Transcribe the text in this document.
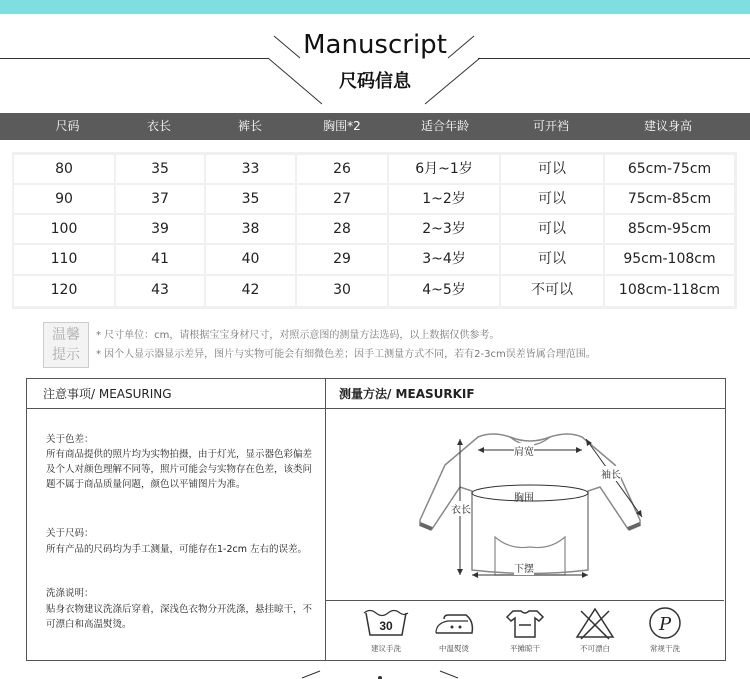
Manuscript
尺码信息
尺码	衣长	裤长	胸围*2	适合年龄	可开裆	建议身高
80	35	33	26	6月~1岁	可以	65cm-75cm
90	37	35	27	1~2岁	可以	75cm-85cm
100	39	38	28	2~3岁	可以	85cm-95cm
110	41	40	29	3~4岁	可以	95cm-108cm
120	43	42	30	4~5岁	不可以	108cm-118cm
温馨
提示
* 尺寸单位：cm，请根据宝宝身材尺寸，对照示意图的测量方法选码，以上数据仅供参考。
* 因个人显示器显示差异，图片与实物可能会有细微色差；因手工测量方式不同，若有2-3cm误差皆属合理范围。
注意事项/ MEASURING	测量方法/ MEASURKIF
关于色差：
所有商品提供的照片均为实物拍摄，由于灯光，显示器色彩偏差及个人对颜色理解不同等，照片可能会与实物存在色差，该类问题不属于商品质量问题，颜色以平铺图片为准。
关于尺码：
所有产品的尺码均为手工测量，可能存在1-2cm 左右的误差。
洗涤说明：
贴身衣物建议洗涤后穿着，深浅色衣物分开洗涤，悬挂晾干，不可漂白和高温熨烫。
肩宽
袖长
胸围
衣长
下摆
30
建议手洗	中温熨烫	平摊晾干	不可漂白
P
常规干洗
